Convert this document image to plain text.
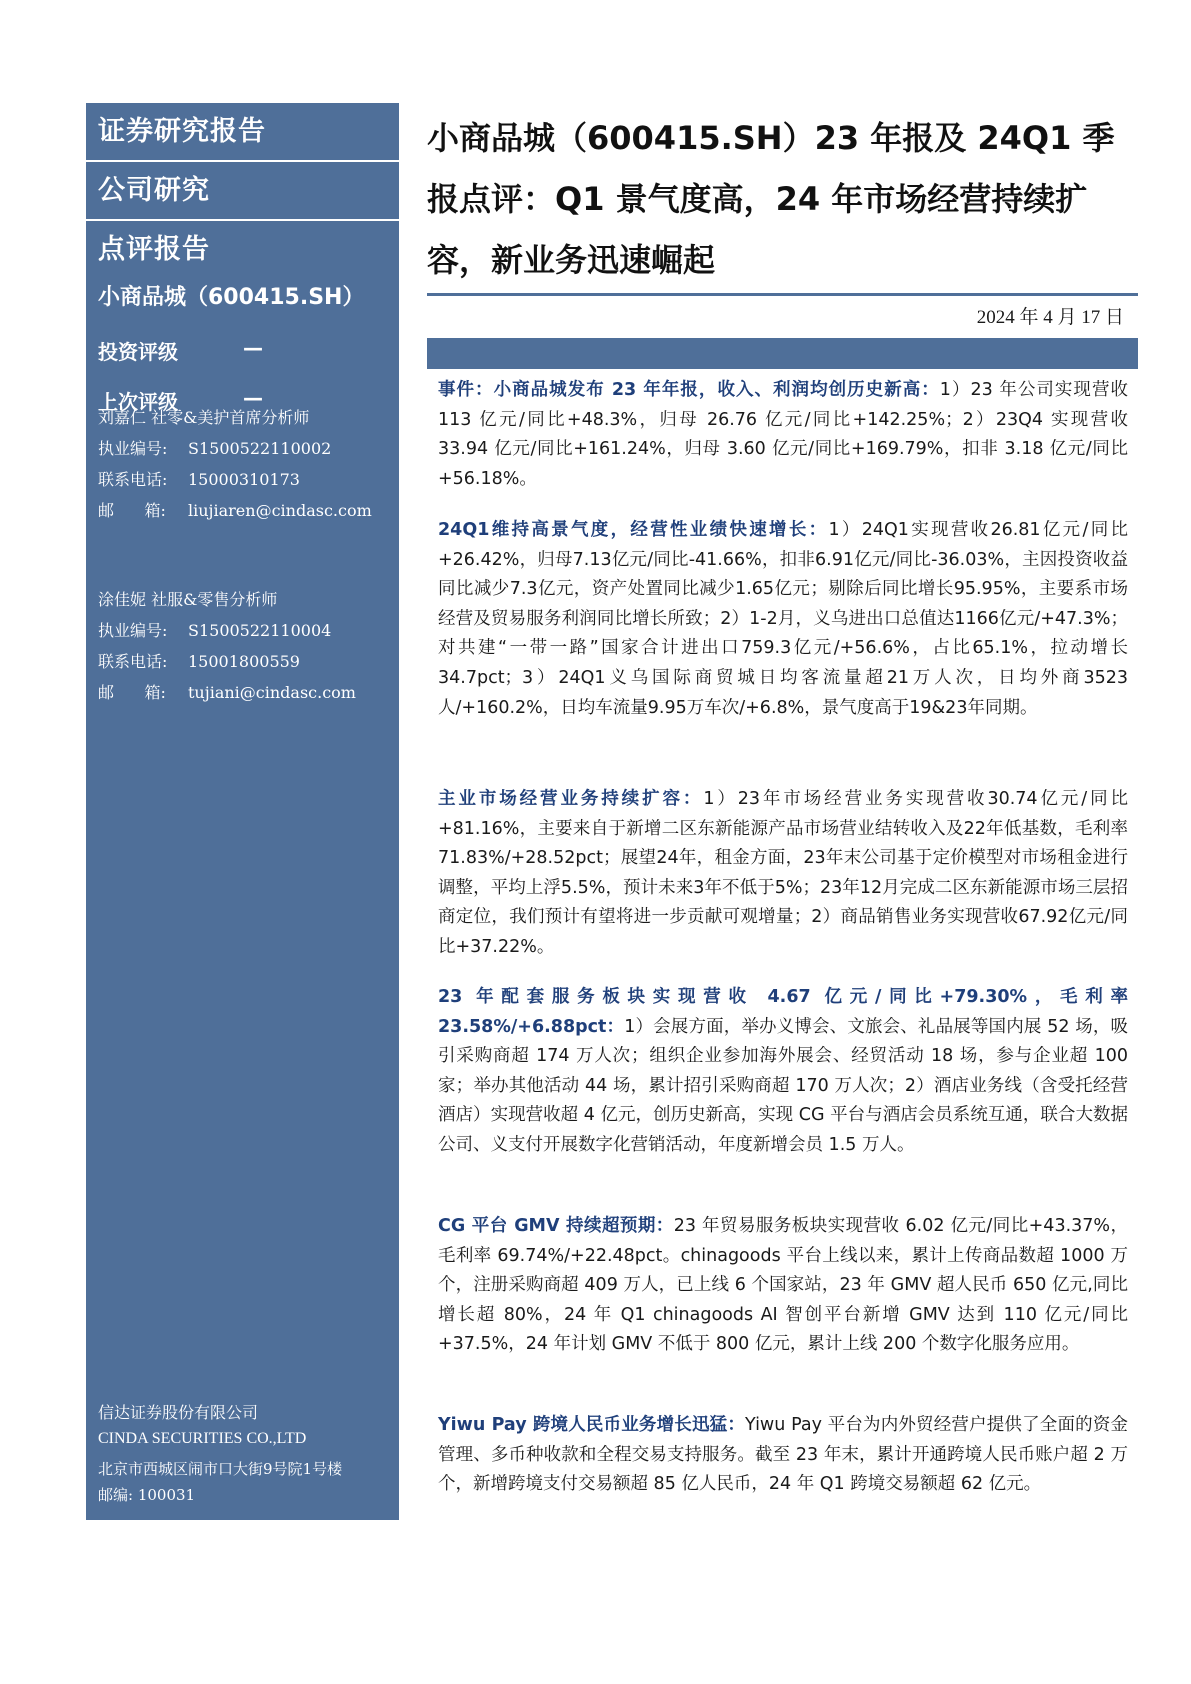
证券研究报告
公司研究
点评报告
小商品城（600415.SH）
投资评级	—
上次评级	—
刘嘉仁 社零&美护首席分析师
执业编号: S1500522110002
联系电话: 15000310173
邮      箱: liujiaren@cindasc.com
涂佳妮 社服&零售分析师
执业编号: S1500522110004
联系电话: 15001800559
邮      箱: tujiani@cindasc.com
信达证券股份有限公司
CINDA SECURITIES CO.,LTD
北京市西城区闹市口大街9号院1号楼
邮编: 100031
小商品城（600415.SH）23 年报及 24Q1 季报点评：Q1 景气度高，24 年市场经营持续扩容，新业务迅速崛起
2024 年 4 月 17 日

事件：小商品城发布 23 年年报，收入、利润均创历史新高：1）23 年公司实现营收 113 亿元/同比+48.3%，归母 26.76 亿元/同比+142.25%；2）23Q4 实现营收 33.94 亿元/同比+161.24%，归母 3.60 亿元/同比+169.79%，扣非 3.18 亿元/同比+56.18%。

24Q1维持高景气度，经营性业绩快速增长：1）24Q1实现营收26.81亿元/同比+26.42%，归母7.13亿元/同比-41.66%，扣非6.91亿元/同比-36.03%，主因投资收益同比减少7.3亿元，资产处置同比减少1.65亿元；剔除后同比增长95.95%，主要系市场经营及贸易服务利润同比增长所致；2）1-2月，义乌进出口总值达1166亿元/+47.3%；对共建“一带一路”国家合计进出口759.3亿元/+56.6%，占比65.1%，拉动增长34.7pct；3）24Q1义乌国际商贸城日均客流量超21万人次，日均外商3523人/+160.2%，日均车流量9.95万车次/+6.8%，景气度高于19&23年同期。

主业市场经营业务持续扩容：1）23年市场经营业务实现营收30.74亿元/同比+81.16%，主要来自于新增二区东新能源产品市场营业结转收入及22年低基数，毛利率71.83%/+28.52pct；展望24年，租金方面，23年末公司基于定价模型对市场租金进行调整，平均上浮5.5%，预计未来3年不低于5%；23年12月完成二区东新能源市场三层招商定位，我们预计有望将进一步贡献可观增量；2）商品销售业务实现营收67.92亿元/同比+37.22%。

23 年配套服务板块实现营收 4.67 亿元/同比+79.30%，毛利率23.58%/+6.88pct：1）会展方面，举办义博会、文旅会、礼品展等国内展 52 场，吸引采购商超 174 万人次；组织企业参加海外展会、经贸活动 18 场，参与企业超 100 家；举办其他活动 44 场，累计招引采购商超 170 万人次；2）酒店业务线（含受托经营酒店）实现营收超 4 亿元，创历史新高，实现 CG 平台与酒店会员系统互通，联合大数据公司、义支付开展数字化营销活动，年度新增会员 1.5 万人。

CG 平台 GMV 持续超预期：23 年贸易服务板块实现营收 6.02 亿元/同比+43.37%，毛利率 69.74%/+22.48pct。chinagoods 平台上线以来，累计上传商品数超 1000 万个，注册采购商超 409 万人，已上线 6 个国家站，23 年 GMV 超人民币 650 亿元,同比增长超 80%，24 年 Q1 chinagoods AI 智创平台新增 GMV 达到 110 亿元/同比+37.5%，24 年计划 GMV 不低于 800 亿元，累计上线 200 个数字化服务应用。

Yiwu Pay 跨境人民币业务增长迅猛：Yiwu Pay 平台为内外贸经营户提供了全面的资金管理、多币种收款和全程交易支持服务。截至 23 年末，累计开通跨境人民币账户超 2 万个，新增跨境支付交易额超 85 亿人民币，24 年 Q1 跨境交易额超 62 亿元。
